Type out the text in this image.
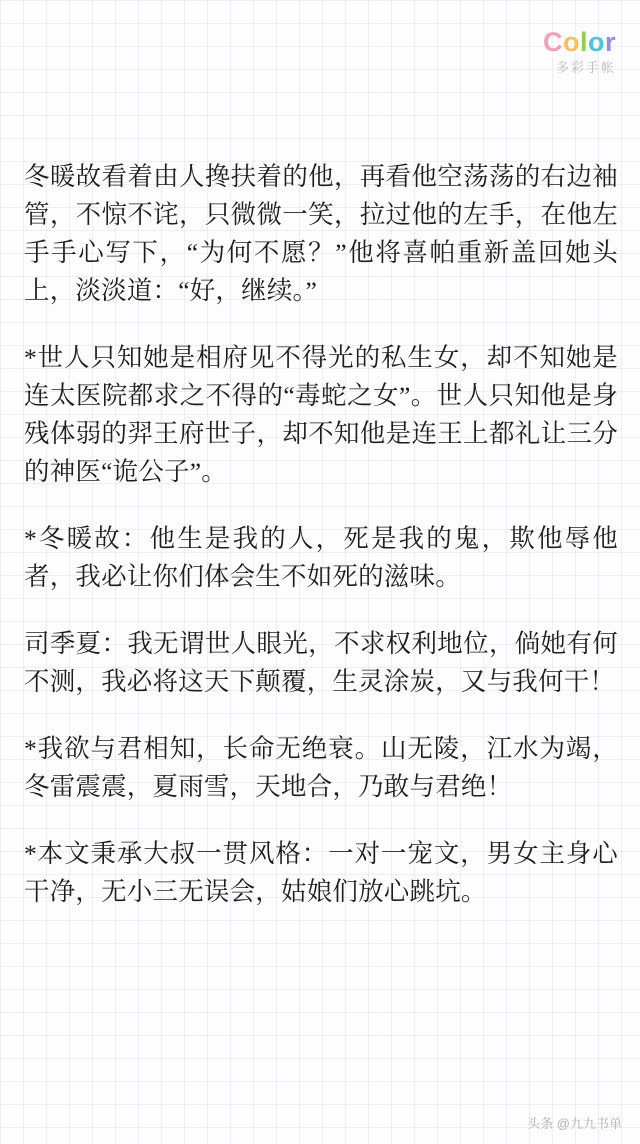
Color
多彩手帐

冬暖故看着由人搀扶着的他，再看他空荡荡的右边袖管，不惊不诧，只微微一笑，拉过他的左手，在他左手手心写下，“为何不愿？”他将喜帕重新盖回她头上，淡淡道：“好，继续。”

*世人只知她是相府见不得光的私生女，却不知她是连太医院都求之不得的“毒蛇之女”。世人只知他是身残体弱的羿王府世子，却不知他是连王上都礼让三分的神医“诡公子”。

*冬暖故：他生是我的人，死是我的鬼，欺他辱他者，我必让你们体会生不如死的滋味。

司季夏：我无谓世人眼光，不求权利地位，倘她有何不测，我必将这天下颠覆，生灵涂炭，又与我何干！

*我欲与君相知，长命无绝衰。山无陵，江水为竭，冬雷震震，夏雨雪，天地合，乃敢与君绝！

*本文秉承大叔一贯风格：一对一宠文，男女主身心干净，无小三无误会，姑娘们放心跳坑。

头条 @九九书单
